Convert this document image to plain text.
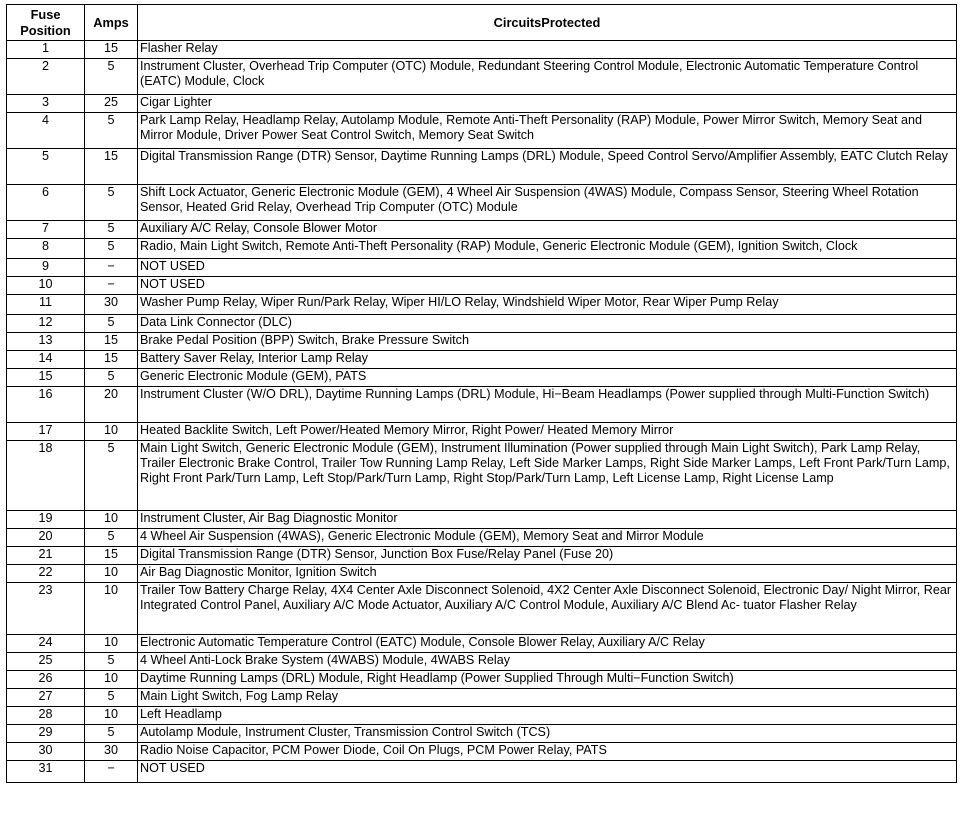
Fuse Position	Amps	CircuitsProtected
1	15	Flasher Relay
2	5	Instrument Cluster, Overhead Trip Computer (OTC) Module, Redundant Steering Control Module, Electronic Automatic Temperature Control (EATC) Module, Clock
3	25	Cigar Lighter
4	5	Park Lamp Relay, Headlamp Relay, Autolamp Module, Remote Anti-Theft Personality (RAP) Module, Power Mirror Switch, Memory Seat and Mirror Module, Driver Power Seat Control Switch, Memory Seat Switch
5	15	Digital Transmission Range (DTR) Sensor, Daytime Running Lamps (DRL) Module, Speed Control Servo/Amplifier Assembly, EATC Clutch Relay
6	5	Shift Lock Actuator, Generic Electronic Module (GEM), 4 Wheel Air Suspension (4WAS) Module, Compass Sensor, Steering Wheel Rotation Sensor, Heated Grid Relay, Overhead Trip Computer (OTC) Module
7	5	Auxiliary A/C Relay, Console Blower Motor
8	5	Radio, Main Light Switch, Remote Anti-Theft Personality (RAP) Module, Generic Electronic Module (GEM), Ignition Switch, Clock
9	−	NOT USED
10	−	NOT USED
11	30	Washer Pump Relay, Wiper Run/Park Relay, Wiper HI/LO Relay, Windshield Wiper Motor, Rear Wiper Pump Relay
12	5	Data Link Connector (DLC)
13	15	Brake Pedal Position (BPP) Switch, Brake Pressure Switch
14	15	Battery Saver Relay, Interior Lamp Relay
15	5	Generic Electronic Module (GEM), PATS
16	20	Instrument Cluster (W/O DRL), Daytime Running Lamps (DRL) Module, Hi−Beam Headlamps (Power supplied through Multi-Function Switch)
17	10	Heated Backlite Switch, Left Power/Heated Memory Mirror, Right Power/ Heated Memory Mirror
18	5	Main Light Switch, Generic Electronic Module (GEM), Instrument Illumination (Power supplied through Main Light Switch), Park Lamp Relay, Trailer Electronic Brake Control, Trailer Tow Running Lamp Relay, Left Side Marker Lamps, Right Side Marker Lamps, Left Front Park/Turn Lamp, Right Front Park/Turn Lamp, Left Stop/Park/Turn Lamp, Right Stop/Park/Turn Lamp, Left License Lamp, Right License Lamp
19	10	Instrument Cluster, Air Bag Diagnostic Monitor
20	5	4 Wheel Air Suspension (4WAS), Generic Electronic Module (GEM), Memory Seat and Mirror Module
21	15	Digital Transmission Range (DTR) Sensor, Junction Box Fuse/Relay Panel (Fuse 20)
22	10	Air Bag Diagnostic Monitor, Ignition Switch
23	10	Trailer Tow Battery Charge Relay, 4X4 Center Axle Disconnect Solenoid, 4X2 Center Axle Disconnect Solenoid, Electronic Day/ Night Mirror, Rear Integrated Control Panel, Auxiliary A/C Mode Actuator, Auxiliary A/C Control Module, Auxiliary A/C Blend Ac- tuator Flasher Relay
24	10	Electronic Automatic Temperature Control (EATC) Module, Console Blower Relay, Auxiliary A/C Relay
25	5	4 Wheel Anti-Lock Brake System (4WABS) Module, 4WABS Relay
26	10	Daytime Running Lamps (DRL) Module, Right Headlamp (Power Supplied Through Multi−Function Switch)
27	5	Main Light Switch, Fog Lamp Relay
28	10	Left Headlamp
29	5	Autolamp Module, Instrument Cluster, Transmission Control Switch (TCS)
30	30	Radio Noise Capacitor, PCM Power Diode, Coil On Plugs, PCM Power Relay, PATS
31	−	NOT USED
